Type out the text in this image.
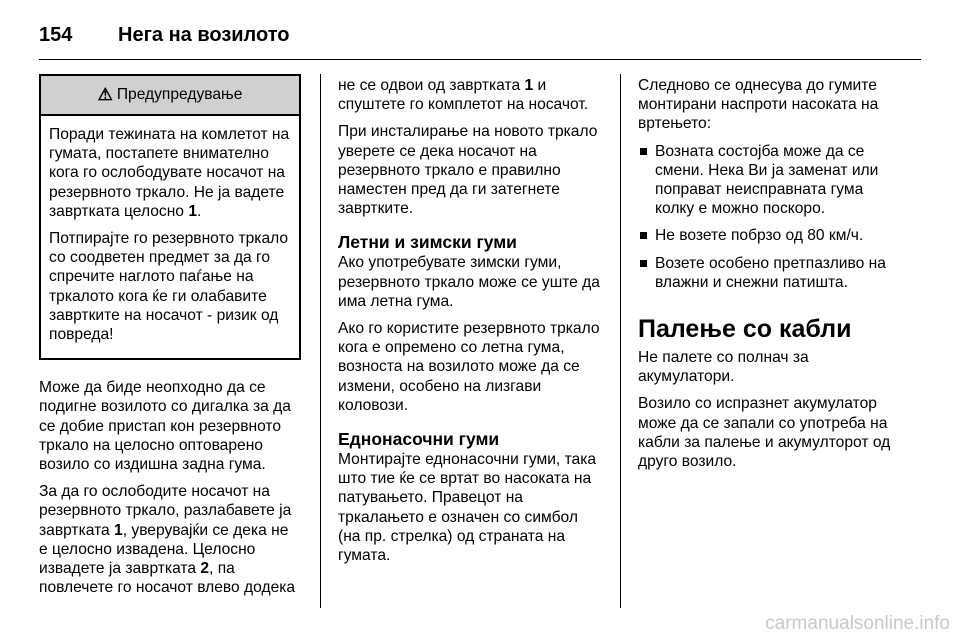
154	Нега на возилото
⚠ Предупредување

Поради тежината на комлетот на гумата, постапете внимателно кога го ослободувате носачот на резервното тркало. Не ја вадете завртката целосно 1.

Потпирајте го резервното тркало со соодветен предмет за да го спречите наглото паѓање на тркалото кога ќе ги олабавите завртките на носачот - ризик од повреда!

Може да биде неопходно да се подигне возилото со дигалка за да се добие пристап кон резервното тркало на целосно оптоварено возило со издишна задна гума.

За да го ослободите носачот на резервното тркало, разлабавете ја завртката 1, уверувајќи се дека не е целосно извадена. Целосно извадете ја завртката 2, па повлечете го носачот влево додека

не се одвои од завртката 1 и спуштете го комплетот на носачот.

При инсталирање на новото тркало уверете се дека носачот на резервното тркало е правилно наместен пред да ги затегнете завртките.

Летни и зимски гуми

Ако употребувате зимски гуми, резервното тркало може се уште да има летна гума.

Ако го користите резервното тркало кога е опремено со летна гума, возноста на возилото може да се измени, особено на лизгави коловози.

Еднонасочни гуми

Монтирајте еднонасочни гуми, така што тие ќе се вртат во насоката на патувањето. Правецот на тркалањето е означен со симбол (на пр. стрелка) од страната на гумата.

Следново се однесува до гумите монтирани наспроти насоката на вртењето:

Возната состојба може да се смени. Нека Ви ја заменат или поправат неисправната гума колку е можно поскоро.
Не возете побрзо од 80 км/ч.
Возете особено претпазливо на влажни и снежни патишта.
Палење со кабли

Не палете со полнач за акумулатори.

Возило со испразнет акумулатор може да се запали со употреба на кабли за палење и акумулторот од друго возило.

carmanualsonline.info
